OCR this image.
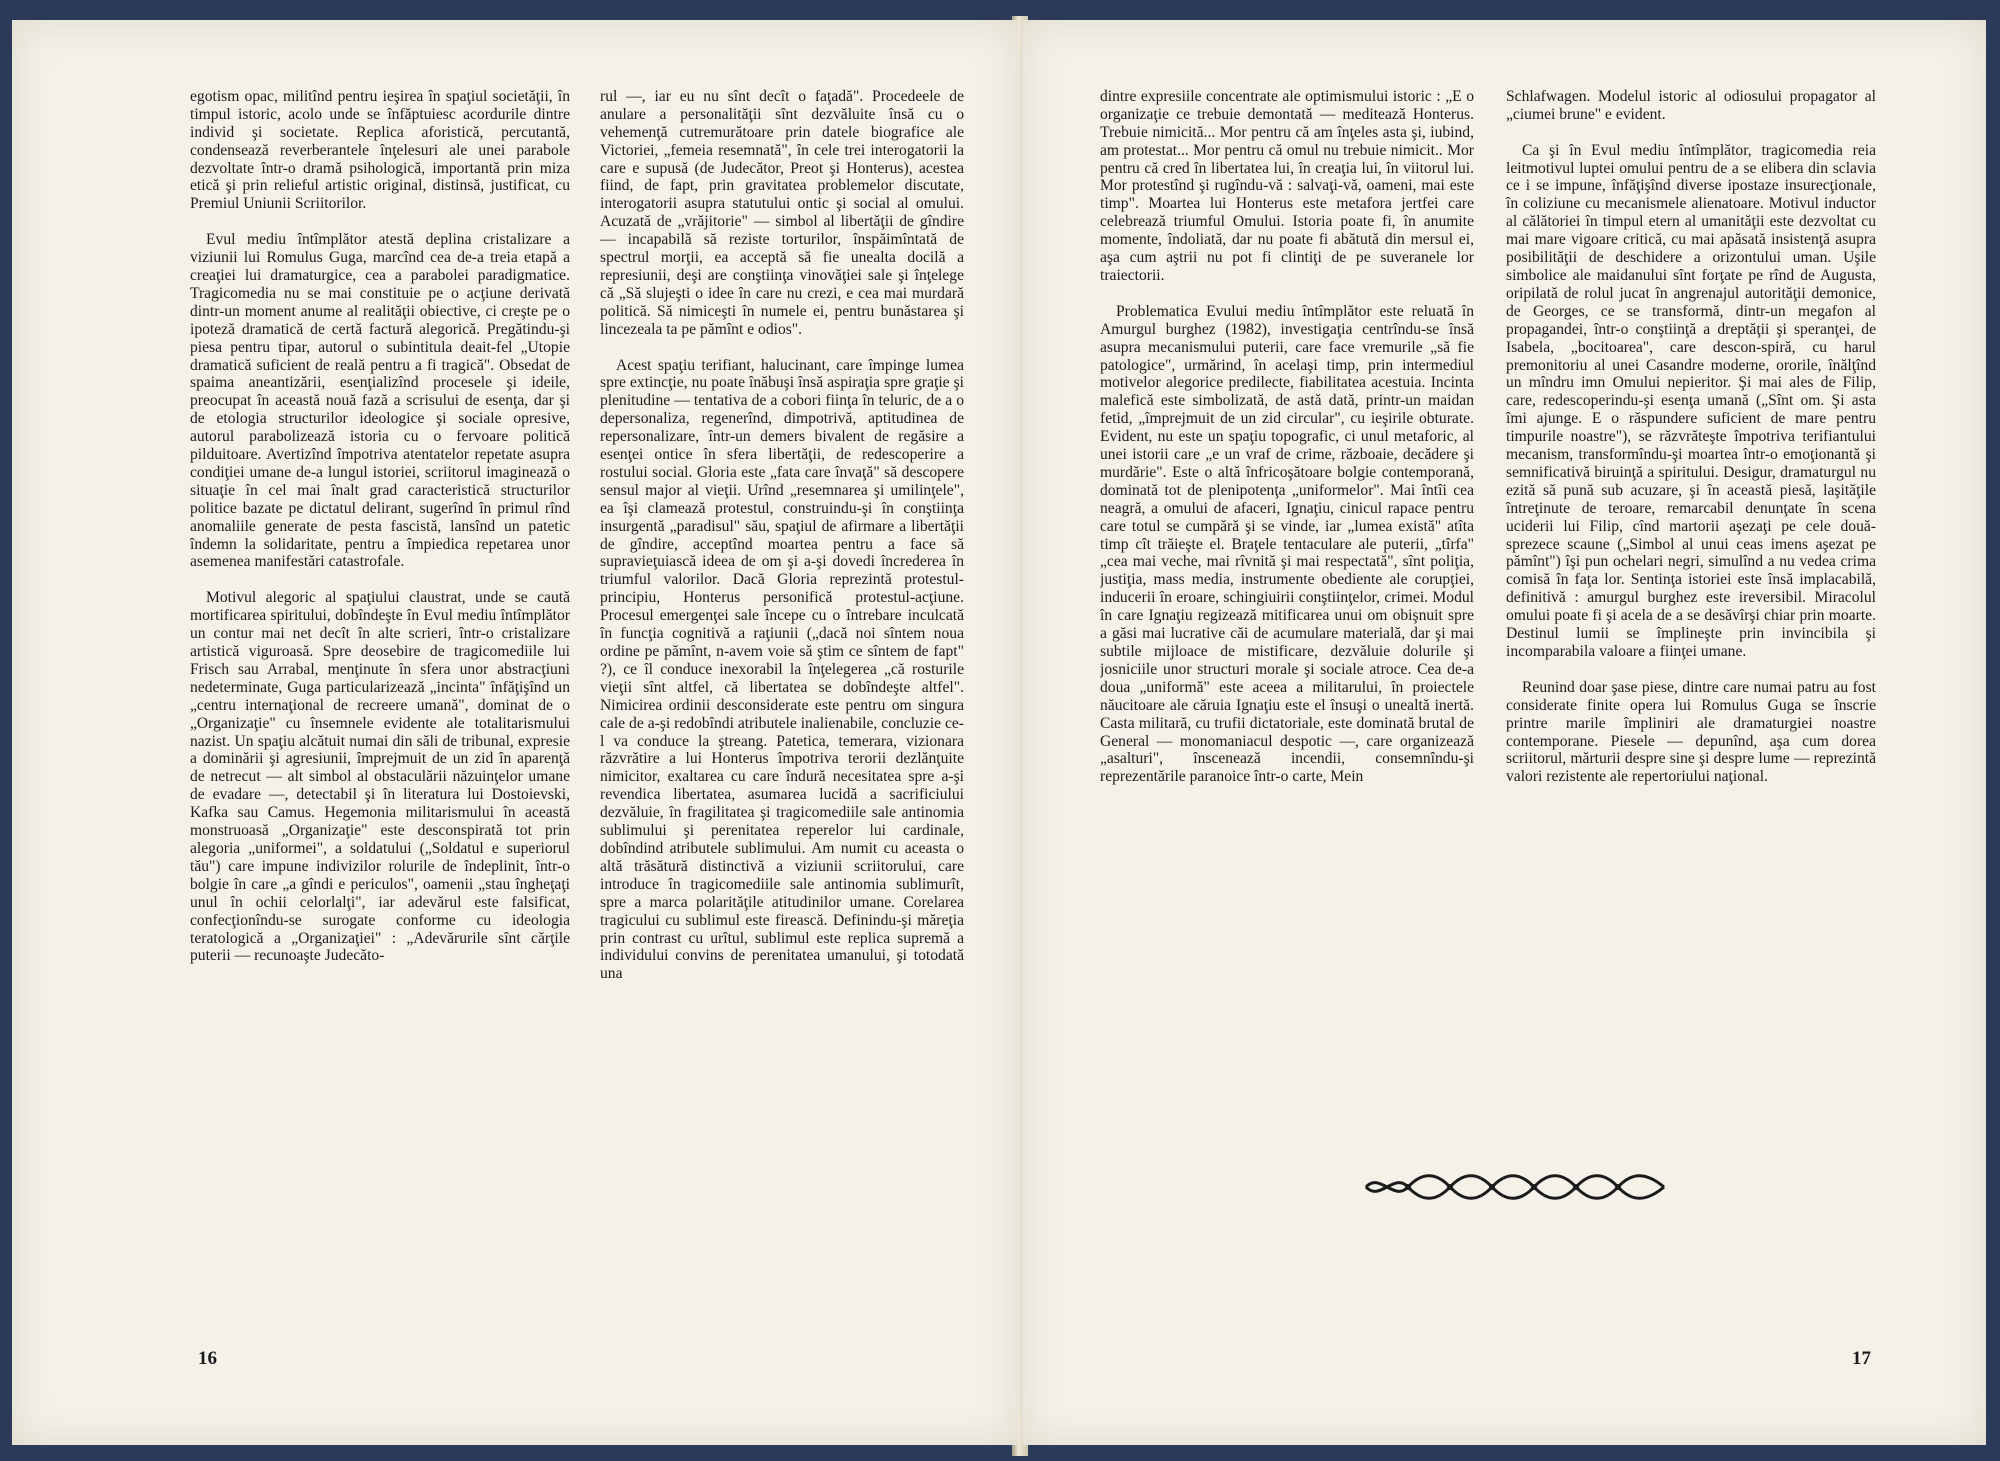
egotism opac, militînd pentru ieşirea în spaţiul societăţii, în timpul istoric, acolo unde se înfăptuiesc acordurile dintre individ şi societate. Replica aforistică, percutantă, condensează reverberantele înţelesuri ale unei parabole dezvoltate într-o dramă psihologică, importantă prin miza etică şi prin relieful artistic original, distinsă, justificat, cu Premiul Uniunii Scriitorilor.

Evul mediu întîmplător atestă deplina cristalizare a viziunii lui Romulus Guga, marcînd cea de-a treia etapă a creaţiei lui dramaturgice, cea a parabolei paradigmatice. Tragicomedia nu se mai constituie pe o acţiune derivată dintr-un moment anume al realităţii obiective, ci creşte pe o ipoteză dramatică de certă factură alegorică. Pregătindu-şi piesa pentru tipar, autorul o subintitula deait-fel „Utopie dramatică suficient de reală pentru a fi tragică". Obsedat de spaima aneantizării, esenţializînd procesele şi ideile, preocupat în această nouă fază a scrisului de esenţa, dar şi de etologia structurilor ideologice şi sociale opresive, autorul parabolizează istoria cu o fervoare politică pilduitoare. Avertizînd împotriva atentatelor repetate asupra condiţiei umane de-a lungul istoriei, scriitorul imaginează o situaţie în cel mai înalt grad caracteristică structurilor politice bazate pe dictatul delirant, sugerînd în primul rînd anomaliile generate de pesta fascistă, lansînd un patetic îndemn la solidaritate, pentru a împiedica repetarea unor asemenea manifestări catastrofale.

Motivul alegoric al spaţiului claustrat, unde se caută mortificarea spiritului, dobîndeşte în Evul mediu întîmplător un contur mai net decît în alte scrieri, într-o cristalizare artistică viguroasă. Spre deosebire de tragicomediile lui Frisch sau Arrabal, menţinute în sfera unor abstracţiuni nedeterminate, Guga particularizează „incinta" înfăţişînd un „centru internaţional de recreere umană", dominat de o „Organizaţie" cu însemnele evidente ale totalitarismului nazist. Un spaţiu alcătuit numai din săli de tribunal, expresie a dominării şi agresiunii, împrejmuit de un zid în aparenţă de netrecut — alt simbol al obstaculării năzuinţelor umane de evadare —, detectabil şi în literatura lui Dostoievski, Kafka sau Camus. Hegemonia militarismului în această monstruoasă „Organizaţie" este desconspirată tot prin alegoria „uniformei", a soldatului („Soldatul e superiorul tău") care impune indivizilor rolurile de îndeplinit, într-o bolgie în care „a gîndi e periculos", oamenii „stau îngheţaţi unul în ochii celorlalţi", iar adevărul este falsificat, confecţionîndu-se surogate conforme cu ideologia teratologică a „Organizaţiei" : „Adevărurile sînt cărţile puterii — recunoaşte Judecăto-

rul —, iar eu nu sînt decît o faţadă". Procedeele de anulare a personalităţii sînt dezvăluite însă cu o vehemenţă cutremurătoare prin datele biografice ale Victoriei, „femeia resemnată", în cele trei interogatorii la care e supusă (de Judecător, Preot şi Honterus), acestea fiind, de fapt, prin gravitatea problemelor discutate, interogatorii asupra statutului ontic şi social al omului. Acuzată de „vrăjitorie" — simbol al libertăţii de gîndire — incapabilă să reziste torturilor, înspăimîntată de spectrul morţii, ea acceptă să fie unealta docilă a represiunii, deşi are conştiinţa vinovăţiei sale şi înţelege că „Să slujeşti o idee în care nu crezi, e cea mai murdară politică. Să nimiceşti în numele ei, pentru bunăstarea şi lincezeala ta pe pămînt e odios".

Acest spaţiu terifiant, halucinant, care împinge lumea spre extincţie, nu poate înăbuşi însă aspiraţia spre graţie şi plenitudine — tentativa de a cobori fiinţa în teluric, de a o depersonaliza, regenerînd, dimpotrivă, aptitudinea de repersonalizare, într-un demers bivalent de regăsire a esenţei ontice în sfera libertăţii, de redescoperire a rostului social. Gloria este „fata care învaţă" să descopere sensul major al vieţii. Urînd „resemnarea şi umilinţele", ea îşi clamează protestul, construindu-şi în conştiinţa insurgentă „paradisul" său, spaţiul de afirmare a libertăţii de gîndire, acceptînd moartea pentru a face să supravieţuiască ideea de om şi a-şi dovedi încrederea în triumful valorilor. Dacă Gloria reprezintă protestul-principiu, Honterus personifică protestul-acţiune. Procesul emergenţei sale începe cu o întrebare inculcată în funcţia cognitivă a raţiunii („dacă noi sîntem noua ordine pe pămînt, n-avem voie să ştim ce sîntem de fapt" ?), ce îl conduce inexorabil la înţelegerea „că rosturile vieţii sînt altfel, că libertatea se dobîndeşte altfel". Nimicirea ordinii desconsiderate este pentru om singura cale de a-şi redobîndi atributele inalienabile, concluzie ce-l va conduce la ştreang. Patetica, temerara, vizionara răzvrătire a lui Honterus împotriva terorii dezlănţuite nimicitor, exaltarea cu care îndură necesitatea spre a-şi revendica libertatea, asumarea lucidă a sacrificiului dezvăluie, în fragilitatea şi tragicomediile sale antinomia sublimului şi perenitatea reperelor lui cardinale, dobîndind atributele sublimului. Am numit cu aceasta o altă trăsătură distinctivă a viziunii scriitorului, care introduce în tragicomediile sale antinomia sublimurît, spre a marca polarităţile atitudinilor umane. Corelarea tragicului cu sublimul este firească. Definindu-şi măreţia prin contrast cu urîtul, sublimul este replica supremă a individului convins de perenitatea umanului, şi totodată una

dintre expresiile concentrate ale optimismului istoric : „E o organizaţie ce trebuie demontată — meditează Honterus. Trebuie nimicită... Mor pentru că am înţeles asta şi, iubind, am protestat... Mor pentru că omul nu trebuie nimicit.. Mor pentru că cred în libertatea lui, în creaţia lui, în viitorul lui. Mor protestînd şi rugîndu-vă : salvaţi-vă, oameni, mai este timp". Moartea lui Honterus este metafora jertfei care celebrează triumful Omului. Istoria poate fi, în anumite momente, îndoliată, dar nu poate fi abătută din mersul ei, aşa cum aştrii nu pot fi clintiţi de pe suveranele lor traiectorii.

Problematica Evului mediu întîmplător este reluată în Amurgul burghez (1982), investigaţia centrîndu-se însă asupra mecanismului puterii, care face vremurile „să fie patologice", urmărind, în acelaşi timp, prin intermediul motivelor alegorice predilecte, fiabilitatea acestuia. Incinta malefică este simbolizată, de astă dată, printr-un maidan fetid, „împrejmuit de un zid circular", cu ieşirile obturate. Evident, nu este un spaţiu topografic, ci unul metaforic, al unei istorii care „e un vraf de crime, războaie, decădere şi murdărie". Este o altă înfricoşătoare bolgie contemporană, dominată tot de plenipotenţa „uniformelor". Mai întîi cea neagră, a omului de afaceri, Ignaţiu, cinicul rapace pentru care totul se cumpără şi se vinde, iar „lumea există" atîta timp cît trăieşte el. Braţele tentaculare ale puterii, „tîrfa" „cea mai veche, mai rîvnită şi mai respectată", sînt poliţia, justiţia, mass media, instrumente obediente ale corupţiei, inducerii în eroare, schingiuirii conştiinţelor, crimei. Modul în care Ignaţiu regizează mitificarea unui om obişnuit spre a găsi mai lucrative căi de acumulare materială, dar şi mai subtile mijloace de mistificare, dezvăluie dolurile şi josniciile unor structuri morale şi sociale atroce. Cea de-a doua „uniformă" este aceea a militarului, în proiectele năucitoare ale căruia Ignaţiu este el însuşi o unealtă inertă. Casta militară, cu trufii dictatoriale, este dominată brutal de General — monomaniacul despotic —, care organizează „asalturi", înscenează incendii, consemnîndu-şi reprezentările paranoice într-o carte, Mein

Schlafwagen. Modelul istoric al odiosului propagator al „ciumei brune" e evident.

Ca şi în Evul mediu întîmplător, tragicomedia reia leitmotivul luptei omului pentru de a se elibera din sclavia ce i se impune, înfăţişînd diverse ipostaze insurecţionale, în coliziune cu mecanismele alienatoare. Motivul inductor al călătoriei în timpul etern al umanităţii este dezvoltat cu mai mare vigoare critică, cu mai apăsată insistenţă asupra posibilităţii de deschidere a orizontului uman. Uşile simbolice ale maidanului sînt forţate pe rînd de Augusta, oripilată de rolul jucat în angrenajul autorităţii demonice, de Georges, ce se transformă, dintr-un megafon al propagandei, într-o conştiinţă a dreptăţii şi speranţei, de Isabela, „bocitoarea", care descon-spiră, cu harul premonitoriu al unei Casandre moderne, ororile, înălţînd un mîndru imn Omului nepieritor. Şi mai ales de Filip, care, redescoperindu-şi esenţa umană („Sînt om. Şi asta îmi ajunge. E o răspundere suficient de mare pentru timpurile noastre"), se răzvrăteşte împotriva terifiantului mecanism, transformîndu-şi moartea într-o emoţionantă şi semnificativă biruinţă a spiritului. Desigur, dramaturgul nu ezită să pună sub acuzare, şi în această piesă, laşităţile întreţinute de teroare, remarcabil denunţate în scena uciderii lui Filip, cînd martorii aşezaţi pe cele două-sprezece scaune („Simbol al unui ceas imens aşezat pe pămînt") îşi pun ochelari negri, simulînd a nu vedea crima comisă în faţa lor. Sentinţa istoriei este însă implacabilă, definitivă : amurgul burghez este ireversibil. Miracolul omului poate fi şi acela de a se desăvîrşi chiar prin moarte. Destinul lumii se împlineşte prin invincibila şi incomparabila valoare a fiinţei umane.

Reunind doar şase piese, dintre care numai patru au fost considerate finite opera lui Romulus Guga se înscrie printre marile împliniri ale dramaturgiei noastre contemporane. Piesele — depunînd, aşa cum dorea scriitorul, mărturii despre sine şi despre lume — reprezintă valori rezistente ale repertoriului naţional.

16	17
